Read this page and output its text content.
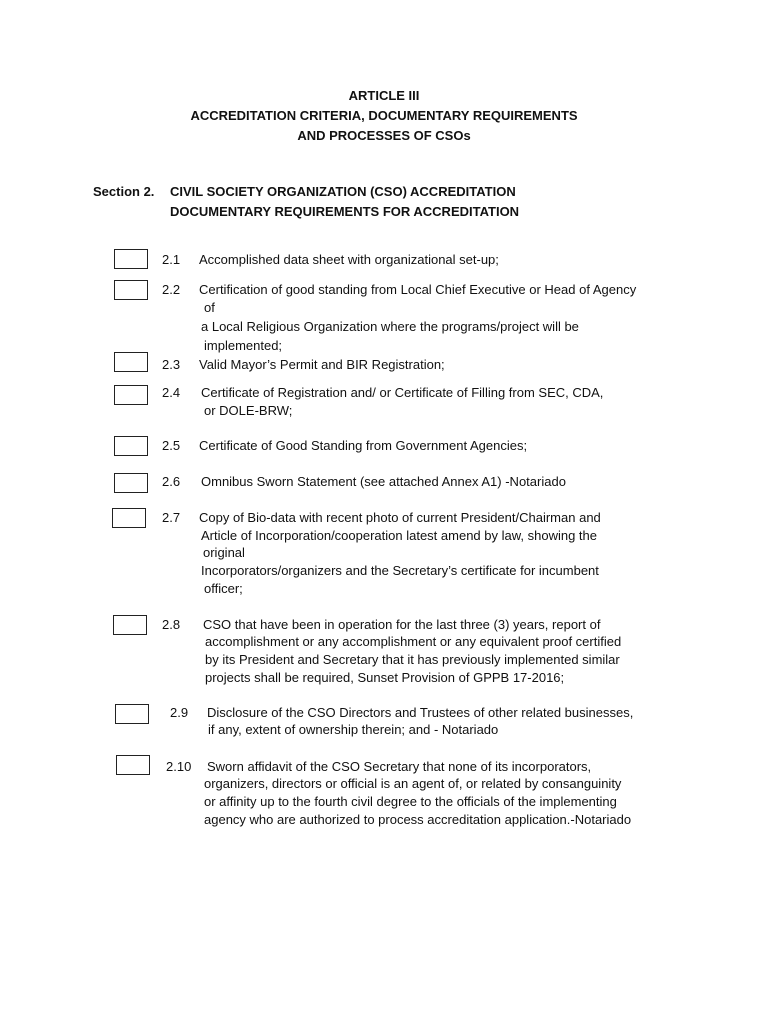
ARTICLE III
ACCREDITATION CRITERIA, DOCUMENTARY REQUIREMENTS
AND PROCESSES OF CSOs
Section 2. CIVIL SOCIETY ORGANIZATION (CSO) ACCREDITATION
DOCUMENTARY REQUIREMENTS FOR ACCREDITATION
2.1 Accomplished data sheet with organizational set-up;
2.2 Certification of good standing from Local Chief Executive or Head of Agency
of
a Local Religious Organization where the programs/project will be
implemented;
2.3 Valid Mayor’s Permit and BIR Registration;
2.4 Certificate of Registration and/ or Certificate of Filling from SEC, CDA,
or DOLE-BRW;
2.5 Certificate of Good Standing from Government Agencies;
2.6 Omnibus Sworn Statement (see attached Annex A1) -Notariado
2.7 Copy of Bio-data with recent photo of current President/Chairman and
Article of Incorporation/cooperation latest amend by law, showing the
original
Incorporators/organizers and the Secretary’s certificate for incumbent
officer;
2.8 CSO that have been in operation for the last three (3) years, report of
accomplishment or any accomplishment or any equivalent proof certified
by its President and Secretary that it has previously implemented similar
projects shall be required, Sunset Provision of GPPB 17-2016;
2.9 Disclosure of the CSO Directors and Trustees of other related businesses,
if any, extent of ownership therein; and - Notariado
2.10 Sworn affidavit of the CSO Secretary that none of its incorporators,
organizers, directors or official is an agent of, or related by consanguinity
or affinity up to the fourth civil degree to the officials of the implementing
agency who are authorized to process accreditation application.-Notariado
